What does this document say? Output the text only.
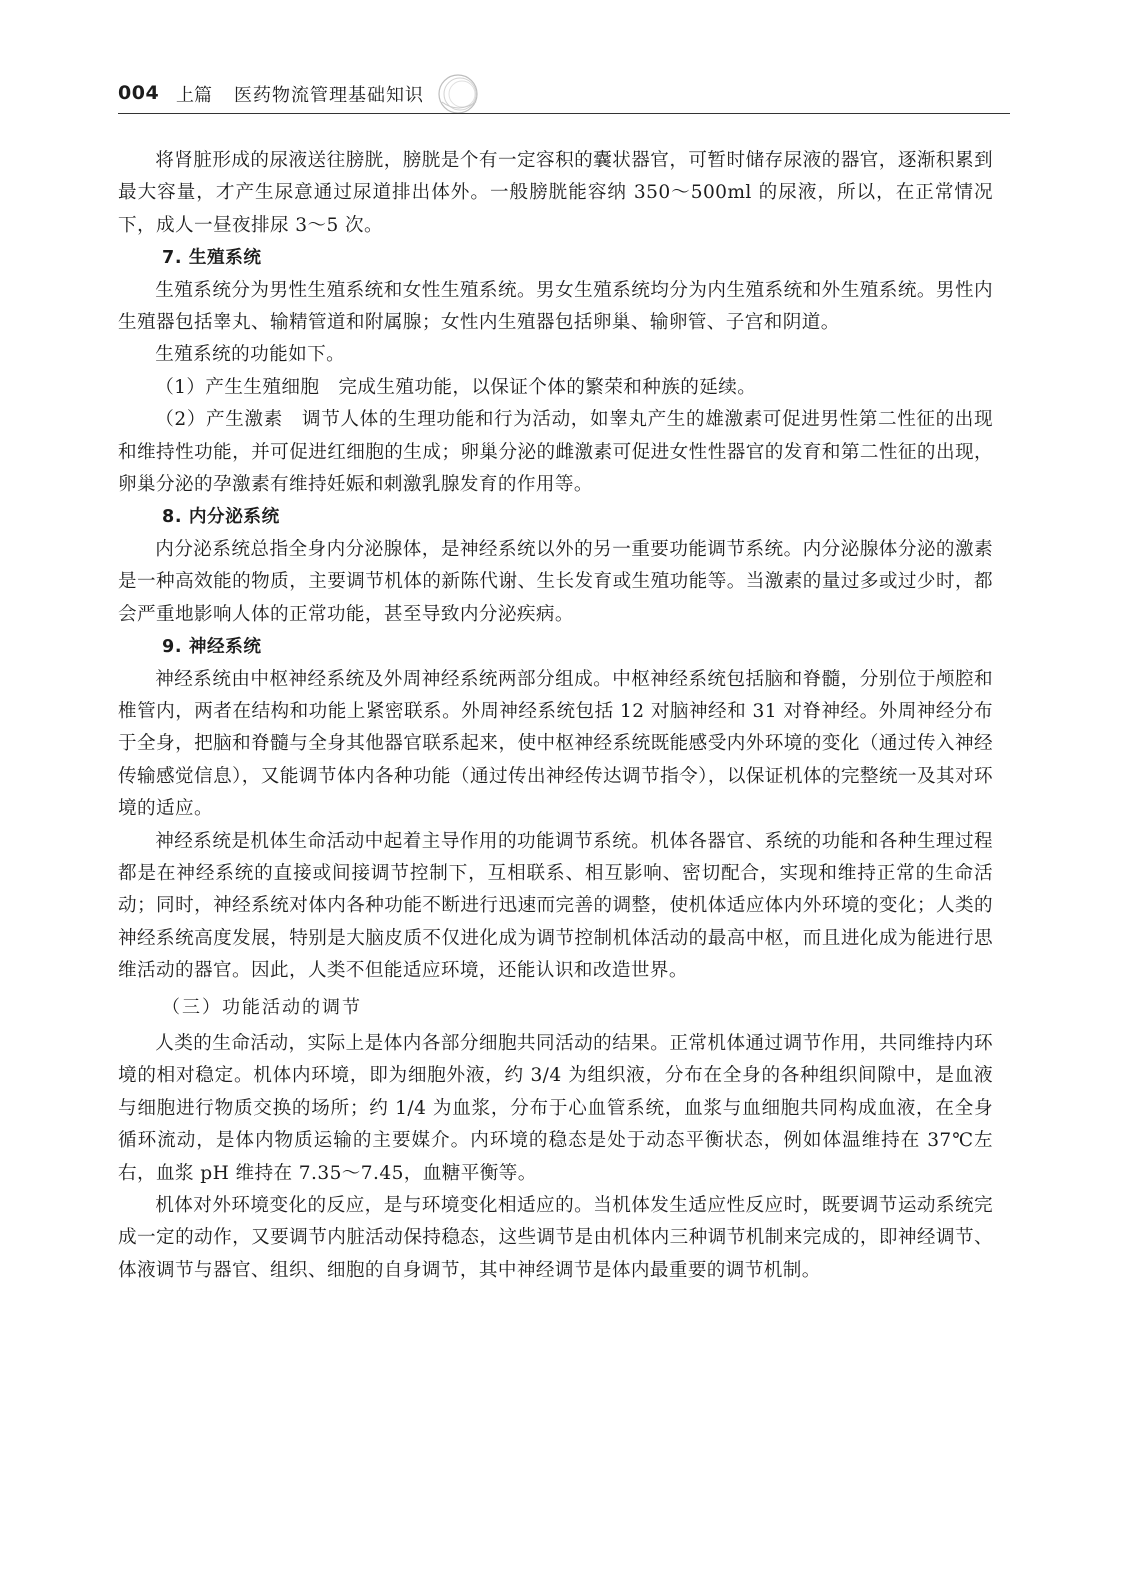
004 上篇 医药物流管理基础知识

将肾脏形成的尿液送往膀胱，膀胱是个有一定容积的囊状器官，可暂时储存尿液的器官，逐渐积累到最大容量，才产生尿意通过尿道排出体外。一般膀胱能容纳 350～500ml 的尿液，所以，在正常情况下，成人一昼夜排尿 3～5 次。

7. 生殖系统

生殖系统分为男性生殖系统和女性生殖系统。男女生殖系统均分为内生殖系统和外生殖系统。男性内生殖器包括睾丸、输精管道和附属腺；女性内生殖器包括卵巢、输卵管、子宫和阴道。

生殖系统的功能如下。

（1）产生生殖细胞　完成生殖功能，以保证个体的繁荣和种族的延续。

（2）产生激素　调节人体的生理功能和行为活动，如睾丸产生的雄激素可促进男性第二性征的出现和维持性功能，并可促进红细胞的生成；卵巢分泌的雌激素可促进女性性器官的发育和第二性征的出现，卵巢分泌的孕激素有维持妊娠和刺激乳腺发育的作用等。

8. 内分泌系统

内分泌系统总指全身内分泌腺体，是神经系统以外的另一重要功能调节系统。内分泌腺体分泌的激素是一种高效能的物质，主要调节机体的新陈代谢、生长发育或生殖功能等。当激素的量过多或过少时，都会严重地影响人体的正常功能，甚至导致内分泌疾病。

9. 神经系统

神经系统由中枢神经系统及外周神经系统两部分组成。中枢神经系统包括脑和脊髓，分别位于颅腔和椎管内，两者在结构和功能上紧密联系。外周神经系统包括 12 对脑神经和 31 对脊神经。外周神经分布于全身，把脑和脊髓与全身其他器官联系起来，使中枢神经系统既能感受内外环境的变化（通过传入神经传输感觉信息），又能调节体内各种功能（通过传出神经传达调节指令），以保证机体的完整统一及其对环境的适应。

神经系统是机体生命活动中起着主导作用的功能调节系统。机体各器官、系统的功能和各种生理过程都是在神经系统的直接或间接调节控制下，互相联系、相互影响、密切配合，实现和维持正常的生命活动；同时，神经系统对体内各种功能不断进行迅速而完善的调整，使机体适应体内外环境的变化；人类的神经系统高度发展，特别是大脑皮质不仅进化成为调节控制机体活动的最高中枢，而且进化成为能进行思维活动的器官。因此，人类不但能适应环境，还能认识和改造世界。

（三）功能活动的调节

人类的生命活动，实际上是体内各部分细胞共同活动的结果。正常机体通过调节作用，共同维持内环境的相对稳定。机体内环境，即为细胞外液，约 3/4 为组织液，分布在全身的各种组织间隙中，是血液与细胞进行物质交换的场所；约 1/4 为血浆，分布于心血管系统，血浆与血细胞共同构成血液，在全身循环流动，是体内物质运输的主要媒介。内环境的稳态是处于动态平衡状态，例如体温维持在 37℃左右，血浆 pH 维持在 7.35～7.45，血糖平衡等。

机体对外环境变化的反应，是与环境变化相适应的。当机体发生适应性反应时，既要调节运动系统完成一定的动作，又要调节内脏活动保持稳态，这些调节是由机体内三种调节机制来完成的，即神经调节、体液调节与器官、组织、细胞的自身调节，其中神经调节是体内最重要的调节机制。
